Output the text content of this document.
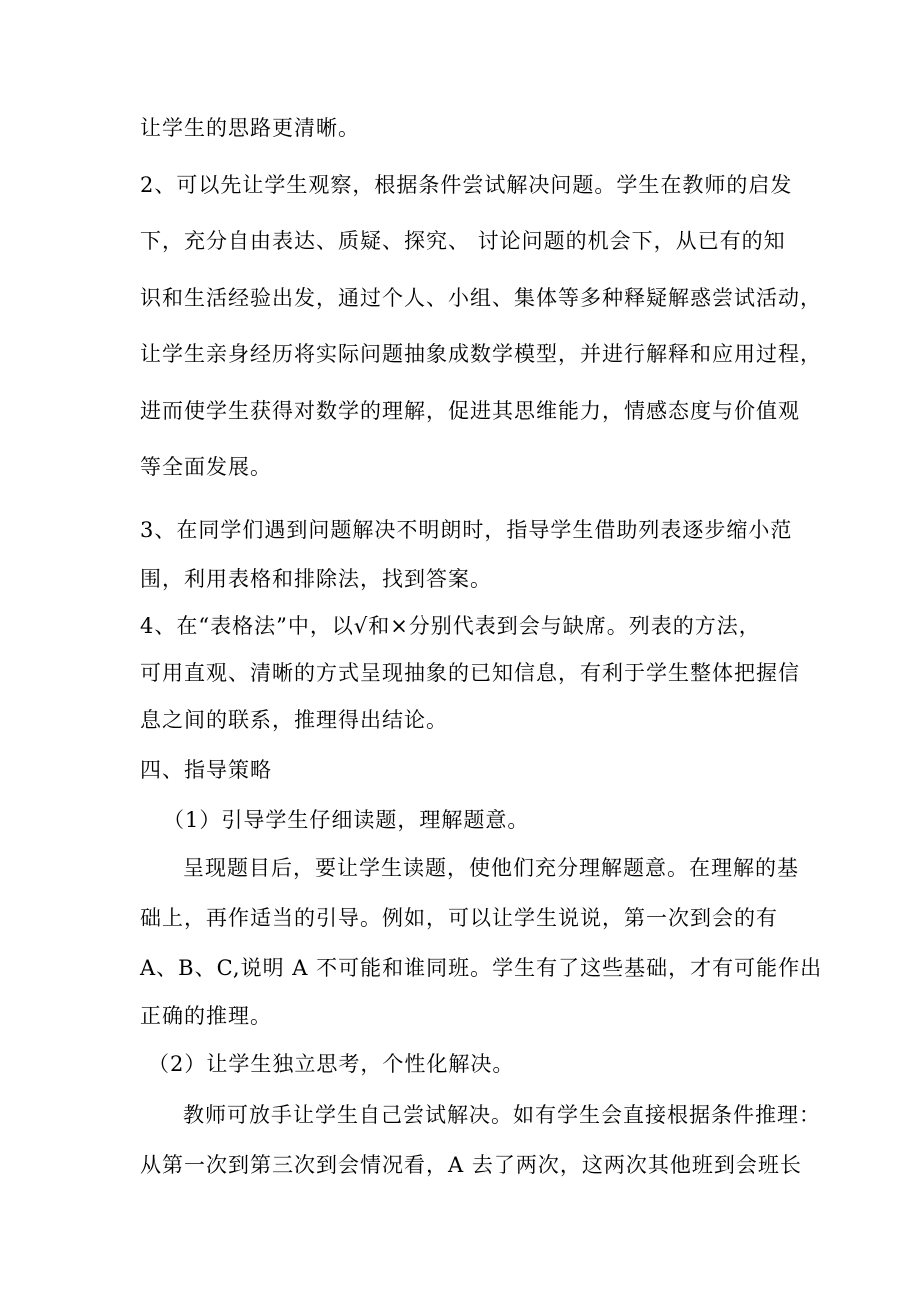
让学生的思路更清晰。
2、可以先让学生观察，根据条件尝试解决问题。学生在教师的启发
下，充分自由表达、质疑、探究、 讨论问题的机会下，从已有的知
识和生活经验出发，通过个人、小组、集体等多种释疑解惑尝试活动，
让学生亲身经历将实际问题抽象成数学模型，并进行解释和应用过程，
进而使学生获得对数学的理解，促进其思维能力，情感态度与价值观
等全面发展。
3、在同学们遇到问题解决不明朗时，指导学生借助列表逐步缩小范
围，利用表格和排除法，找到答案。
4、在“表格法”中，以√和×分别代表到会与缺席。列表的方法，
可用直观、清晰的方式呈现抽象的已知信息，有利于学生整体把握信
息之间的联系，推理得出结论。
四、指导策略
（1）引导学生仔细读题，理解题意。
呈现题目后，要让学生读题，使他们充分理解题意。在理解的基
础上，再作适当的引导。例如，可以让学生说说，第一次到会的有
A、B、C,说明 A 不可能和谁同班。学生有了这些基础，才有可能作出
正确的推理。
（2）让学生独立思考，个性化解决。
教师可放手让学生自己尝试解决。如有学生会直接根据条件推理：
从第一次到第三次到会情况看，A 去了两次，这两次其他班到会班长
